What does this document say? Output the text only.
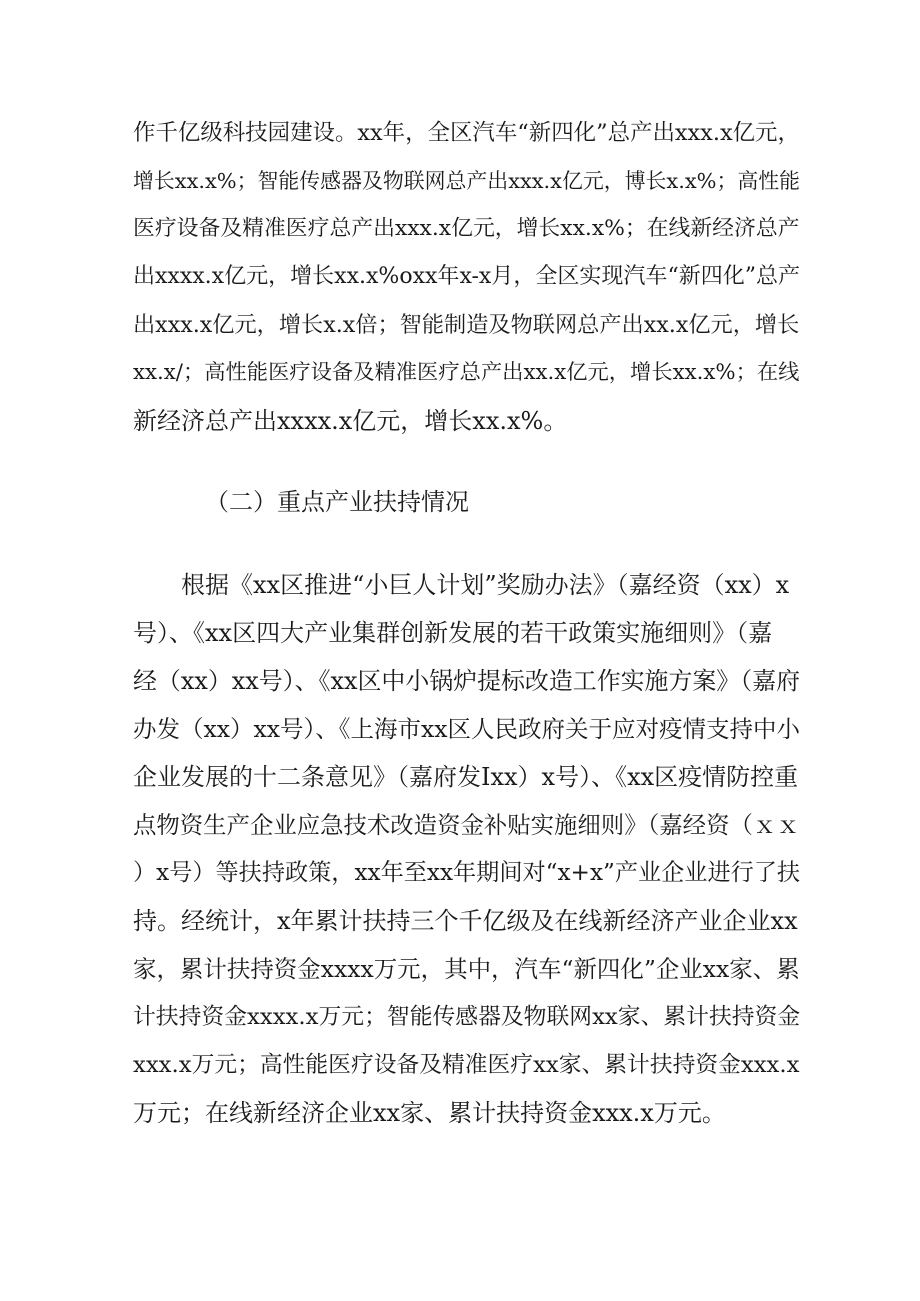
作千亿级科技园建设。xx年，全区汽车“新四化”总产出xxx.x亿元，
增长xx.x%；智能传感器及物联网总产出xxx.x亿元，博长x.x%；高性能
医疗设备及精准医疗总产出xxx.x亿元，增长xx.x%；在线新经济总产
出xxxx.x亿元，增长xx.x%oxx年x-x月，全区实现汽车“新四化”总产
出xxx.x亿元，增长x.x倍；智能制造及物联网总产出xx.x亿元，增长
xx.x/；高性能医疗设备及精准医疗总产出xx.x亿元，增长xx.x%；在线
新经济总产出xxxx.x亿元，增长xx.x%。
（二）重点产业扶持情况
根据《xx区推进“小巨人计划”奖励办法》（嘉经资（xx）x
号）、《xx区四大产业集群创新发展的若干政策实施细则》（嘉
经（xx）xx号）、《xx区中小锅炉提标改造工作实施方案》（嘉府
办发（xx）xx号）、《上海市xx区人民政府关于应对疫情支持中小
企业发展的十二条意见》（嘉府发Ixx）x号）、《xx区疫情防控重
点物资生产企业应急技术改造资金补贴实施细则》（嘉经资（ｘｘ
）x号）等扶持政策，xx年至xx年期间对“x+x”产业企业进行了扶
持。经统计，x年累计扶持三个千亿级及在线新经济产业企业xx
家，累计扶持资金xxxx万元，其中，汽车“新四化”企业xx家、累
计扶持资金xxxx.x万元；智能传感器及物联网xx家、累计扶持资金
xxx.x万元；高性能医疗设备及精准医疗xx家、累计扶持资金xxx.x
万元；在线新经济企业xx家、累计扶持资金xxx.x万元。
